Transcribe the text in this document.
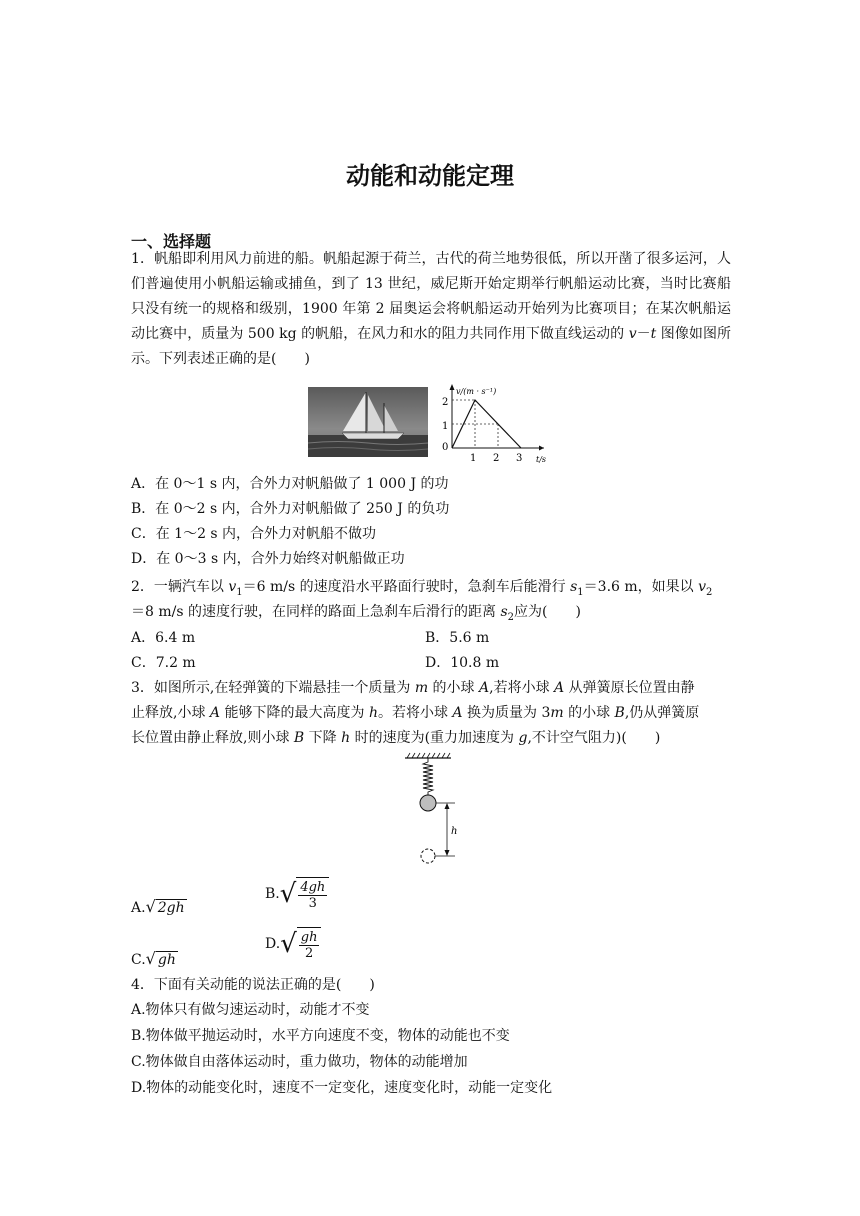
动能和动能定理
一、选择题
1．帆船即利用风力前进的船。帆船起源于荷兰，古代的荷兰地势很低，所以开凿了很多运河，人们普遍使用小帆船运输或捕鱼，到了 13 世纪，威尼斯开始定期举行帆船运动比赛，当时比赛船只没有统一的规格和级别，1900 年第 2 届奥运会将帆船运动开始列为比赛项目；在某次帆船运动比赛中，质量为 500 kg 的帆船，在风力和水的阻力共同作用下做直线运动的 v－t 图像如图所示。下列表述正确的是(　　)
v/(m · s⁻¹)
t/s
2
1
0
1 2 3
A．在 0～1 s 内，合外力对帆船做了 1 000 J 的功
B．在 0～2 s 内，合外力对帆船做了 250 J 的负功
C．在 1～2 s 内，合外力对帆船不做功
D．在 0～3 s 内，合外力始终对帆船做正功
2．一辆汽车以 $v_1=6$ m/s 的速度沿水平路面行驶时，急刹车后能滑行 $s_1=3.6$ m，如果以 $v_2$
＝8 m/s 的速度行驶，在同样的路面上急刹车后滑行的距离 $s_2$应为(　　)
A．6.4 m	B．5.6 m
C．7.2 m	D．10.8 m
3．如图所示,在轻弹簧的下端悬挂一个质量为 m 的小球 A,若将小球 A 从弹簧原长位置由静
止释放,小球 A 能够下降的最大高度为 h。若将小球 A 换为质量为 3m 的小球 B,仍从弹簧原
长位置由静止释放,则小球 B 下降 h 时的速度为(重力加速度为 g,不计空气阻力)(　　)
h
A.√ 2gh
$B.√ \frac{4gh}{3}$
C.√ gh
$D.√ \frac{gh}{2}$
4．下面有关动能的说法正确的是(　　)
A.物体只有做匀速运动时，动能才不变
B.物体做平抛运动时，水平方向速度不变，物体的动能也不变
C.物体做自由落体运动时，重力做功，物体的动能增加
D.物体的动能变化时，速度不一定变化，速度变化时，动能一定变化
